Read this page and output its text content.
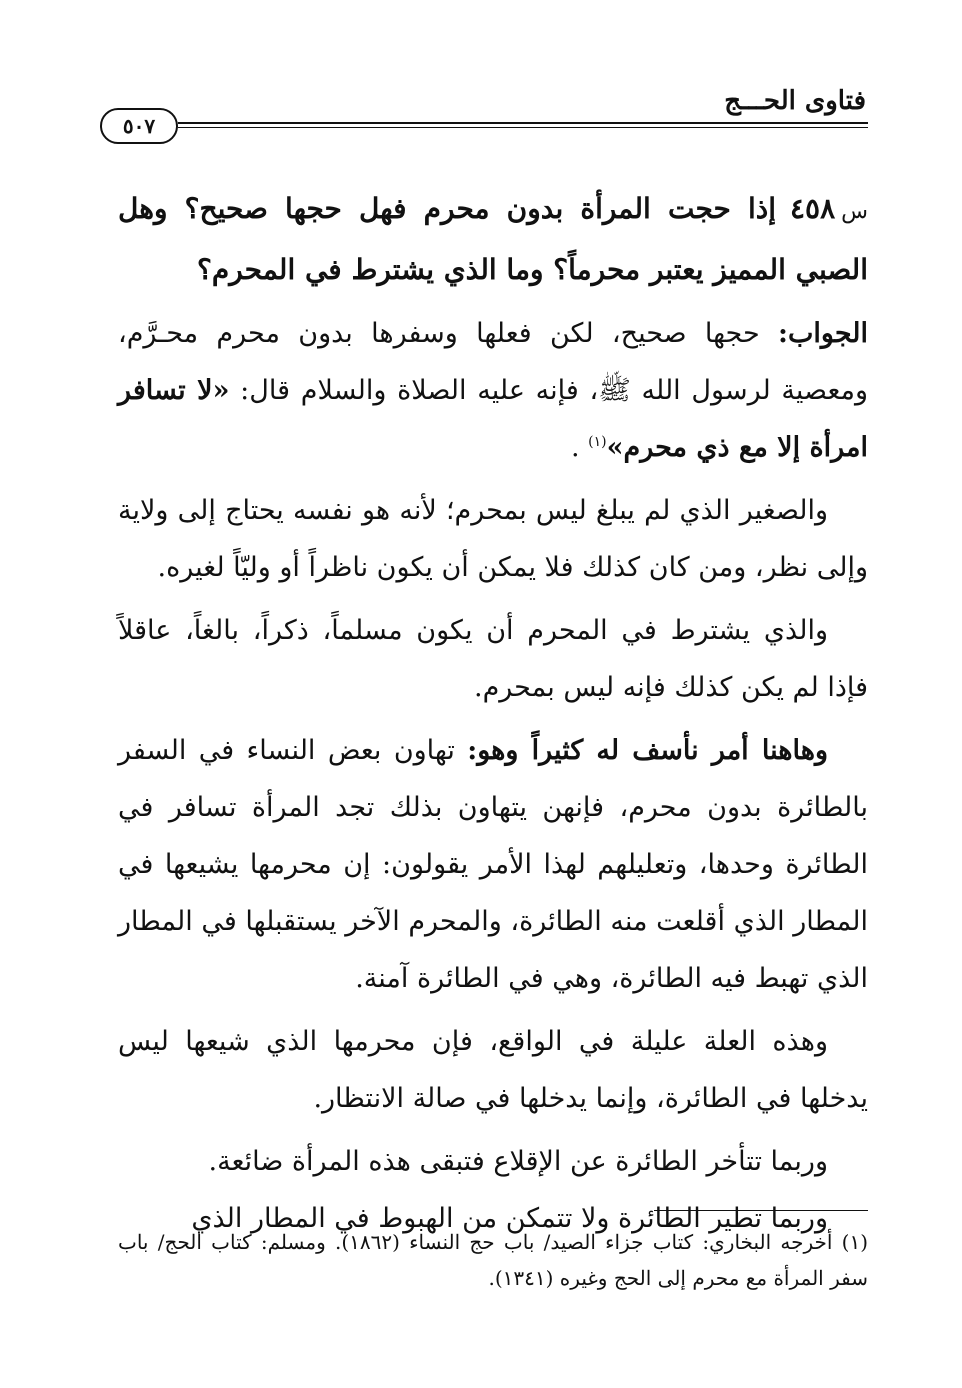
فتاوى الحـــج
٥٠٧
س٤٥٨إذا حجت المرأة بدون محرم فهل حجها صحيح؟ وهل الصبي المميز يعتبر محرماً؟ وما الذي يشترط في المحرم؟
الجواب: حجها صحيح، لكن فعلها وسفرها بدون محرم محـرَّم، ومعصية لرسول الله ﷺ، فإنه عليه الصلاة والسلام قال: «لا تسافر امرأة إلا مع ذي محرم»$^{(١)}$ .
والصغير الذي لم يبلغ ليس بمحرم؛ لأنه هو نفسه يحتاج إلى ولاية وإلى نظر، ومن كان كذلك فلا يمكن أن يكون ناظراً أو وليّاً لغيره.
والذي يشترط في المحرم أن يكون مسلماً، ذكراً، بالغاً، عاقلاً فإذا لم يكن كذلك فإنه ليس بمحرم.
وهاهنا أمر نأسف له كثيراً وهو: تهاون بعض النساء في السفر بالطائرة بدون محرم، فإنهن يتهاون بذلك تجد المرأة تسافر في الطائرة وحدها، وتعليلهم لهذا الأمر يقولون: إن محرمها يشيعها في المطار الذي أقلعت منه الطائرة، والمحرم الآخر يستقبلها في المطار الذي تهبط فيه الطائرة، وهي في الطائرة آمنة.
وهذه العلة عليلة في الواقع، فإن محرمها الذي شيعها ليس يدخلها في الطائرة، وإنما يدخلها في صالة الانتظار.
وربما تتأخر الطائرة عن الإقلاع فتبقى هذه المرأة ضائعة.
وربما تطير الطائرة ولا تتمكن من الهبوط في المطار الذي
(١) أخرجه البخاري: كتاب جزاء الصيد/ باب حج النساء (١٨٦٢). ومسلم: كتاب الحج/ باب سفر المرأة مع محرم إلى الحج وغيره (١٣٤١).
